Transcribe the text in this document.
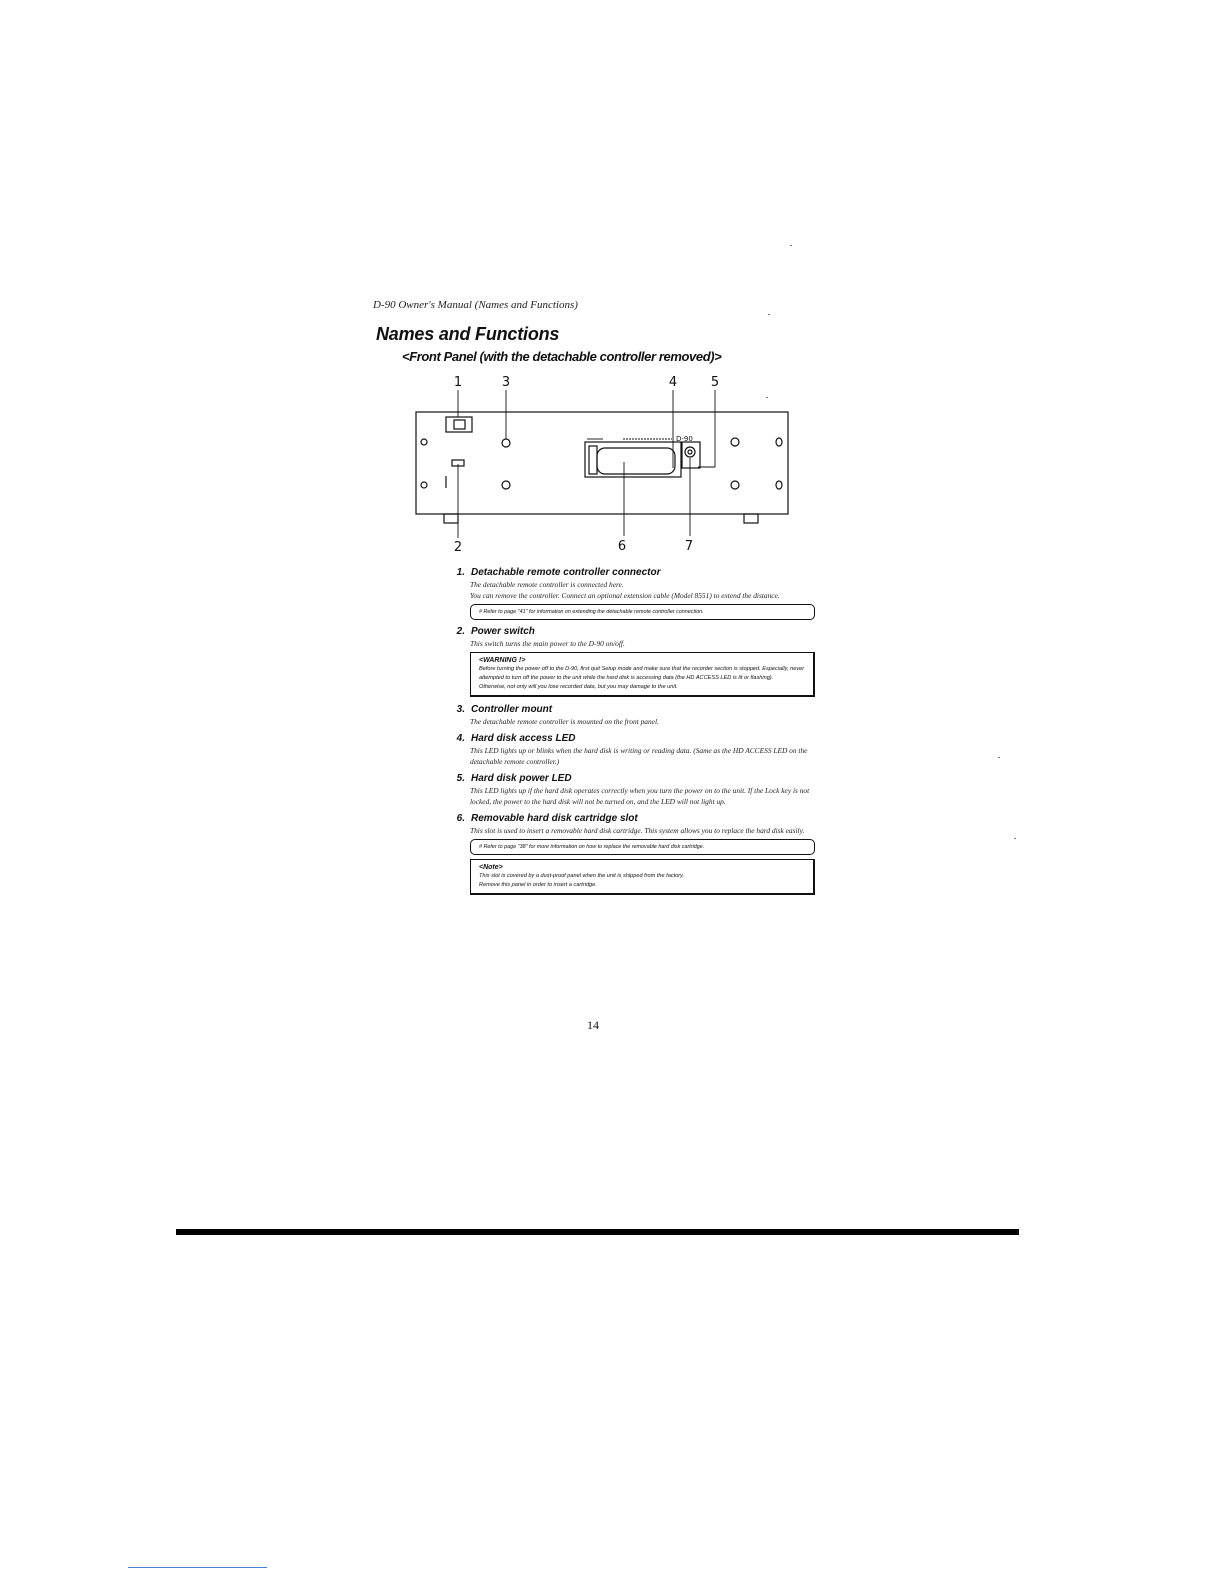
D-90 Owner's Manual (Names and Functions)
Names and Functions
<Front Panel (with the detachable controller removed)>
1	3	4	5
2	6	7
D-90
1. Detachable remote controller connector

The detachable remote controller is connected here.

You can remove the controller. Connect an optional extension cable (Model 8551) to extend the distance.

# Refer to page "41" for information on extending the detachable remote controller connection.
2. Power switch

This switch turns the main power to the D-90 on/off.

<WARNING !>
Before turning the power off to the D-90, first quit Setup mode and make sure that the recorder section is stopped. Especially, never attempted to turn off the power to the unit while the hard disk is accessing data (the HD ACCESS LED is lit or flashing).
Otherwise, not only will you lose recorded data, but you may damage to the unit.
3. Controller mount

The detachable remote controller is mounted on the front panel.

4. Hard disk access LED

This LED lights up or blinks when the hard disk is writing or reading data. (Same as the HD ACCESS LED on the detachable remote controller.)

5. Hard disk power LED

This LED lights up if the hard disk operates correctly when you turn the power on to the unit. If the Lock key is not locked, the power to the hard disk will not be turned on, and the LED will not light up.

6. Removable hard disk cartridge slot

This slot is used to insert a removable hard disk cartridge. This system allows you to replace the hard disk easily.

# Refer to page "38" for more information on how to replace the removable hard disk cartridge.
<Note>
This slot is covered by a dust-proof panel when the unit is shipped from the factory.
Remove this panel in order to insert a cartridge.
14
